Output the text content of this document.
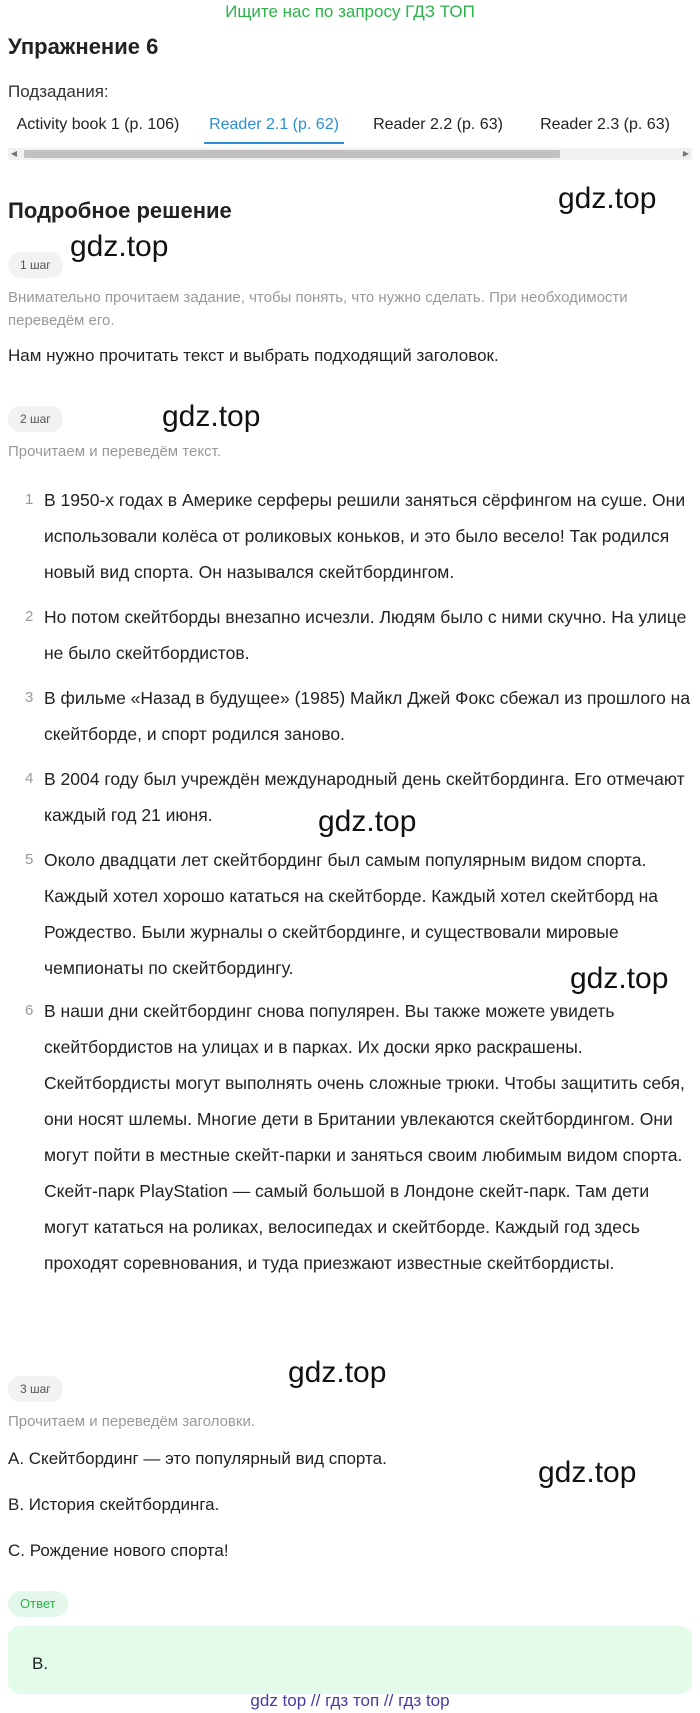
Ищите нас по запросу ГДЗ ТОП
Упражнение 6
Подзадания:
Activity book 1 (p. 106)	Reader 2.1 (p. 62)	Reader 2.2 (p. 63)	Reader 2.3 (p. 63)
◀	▶
Подробное решение	gdz.top
gdz.top
gdz.top
gdz.top
gdz.top
gdz.top
gdz.top
1 шаг
Внимательно прочитаем задание, чтобы понять, что нужно сделать. При необходимости переведём его.
Нам нужно прочитать текст и выбрать подходящий заголовок.
2 шаг
Прочитаем и переведём текст.
1 В 1950-х годах в Америке серферы решили заняться сёрфингом на суше. Они использовали колёса от роликовых коньков, и это было весело! Так родился новый вид спорта. Он назывался скейтбордингом.
2 Но потом скейтборды внезапно исчезли. Людям было с ними скучно. На улице не было скейтбордистов.
3 В фильме «Назад в будущее» (1985) Майкл Джей Фокс сбежал из прошлого на скейтборде, и спорт родился заново.
4 В 2004 году был учреждён международный день скейтбординга. Его отмечают каждый год 21 июня.
5 Около двадцати лет скейтбординг был самым популярным видом спорта. Каждый хотел хорошо кататься на скейтборде. Каждый хотел скейтборд на Рождество. Были журналы о скейтбординге, и существовали мировые чемпионаты по скейтбордингу.
6 В наши дни скейтбординг снова популярен. Вы также можете увидеть скейтбордистов на улицах и в парках. Их доски ярко раскрашены. Скейтбордисты могут выполнять очень сложные трюки. Чтобы защитить себя, они носят шлемы. Многие дети в Британии увлекаются скейтбордингом. Они могут пойти в местные скейт-парки и заняться своим любимым видом спорта. Скейт-парк PlayStation — самый большой в Лондоне скейт-парк. Там дети могут кататься на роликах, велосипедах и скейтборде. Каждый год здесь проходят соревнования, и туда приезжают известные скейтбордисты.
3 шаг
Прочитаем и переведём заголовки.
A. Скейтбординг — это популярный вид спорта.
B. История скейтбординга.
C. Рождение нового спорта!
Ответ
B.
gdz top // гдз топ // гдз top
